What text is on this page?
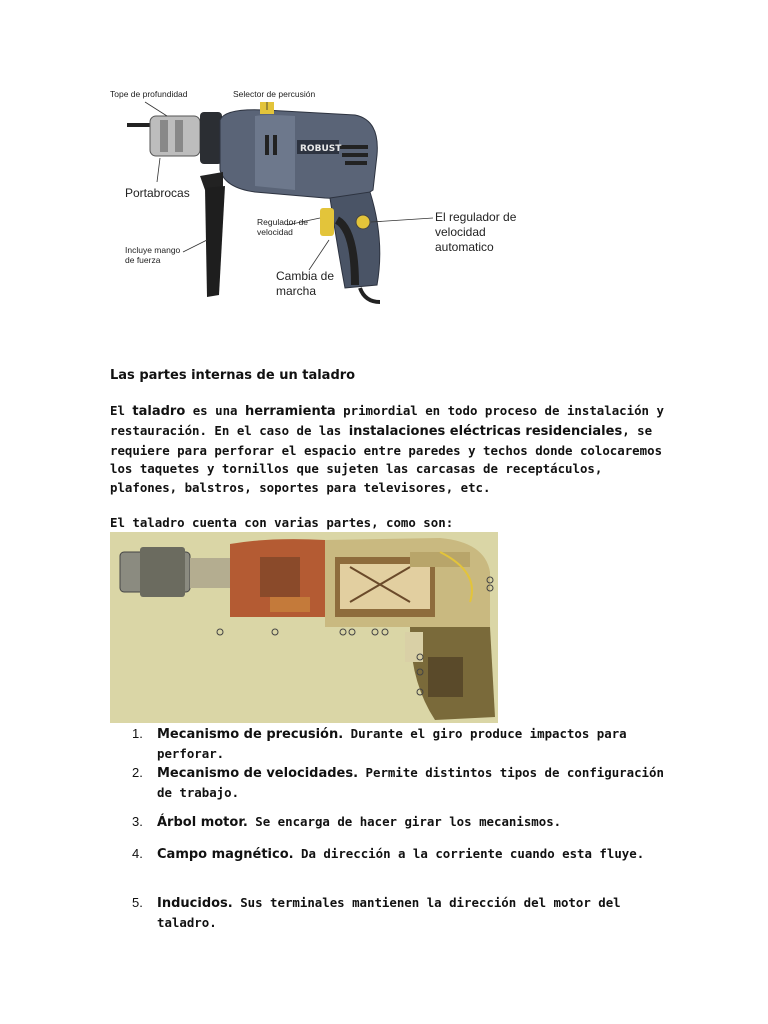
ROBUST
Tope de profundidad	Selector de percusión
Portabrocas
Incluye mango
de fuerza
Regulador de
velocidad
Cambia de
marcha
El regulador de
velocidad
automatico
Las partes internas de un taladro
El taladro es una herramienta primordial en todo proceso de instalación y restauración. En el caso de las instalaciones eléctricas residenciales, se requiere para perforar el espacio entre paredes y techos donde colocaremos los taquetes y tornillos que sujeten las carcasas de receptáculos, plafones, balstros, soportes para televisores, etc.
El taladro cuenta con varias partes, como son:
1. Mecanismo de precusión. Durante el giro produce impactos para perforar.
2. Mecanismo de velocidades. Permite distintos tipos de configuración de trabajo.
3. Árbol motor. Se encarga de hacer girar los mecanismos.
4. Campo magnético. Da dirección a la corriente cuando esta fluye.
5. Inducidos. Sus terminales mantienen la dirección del motor del taladro.
